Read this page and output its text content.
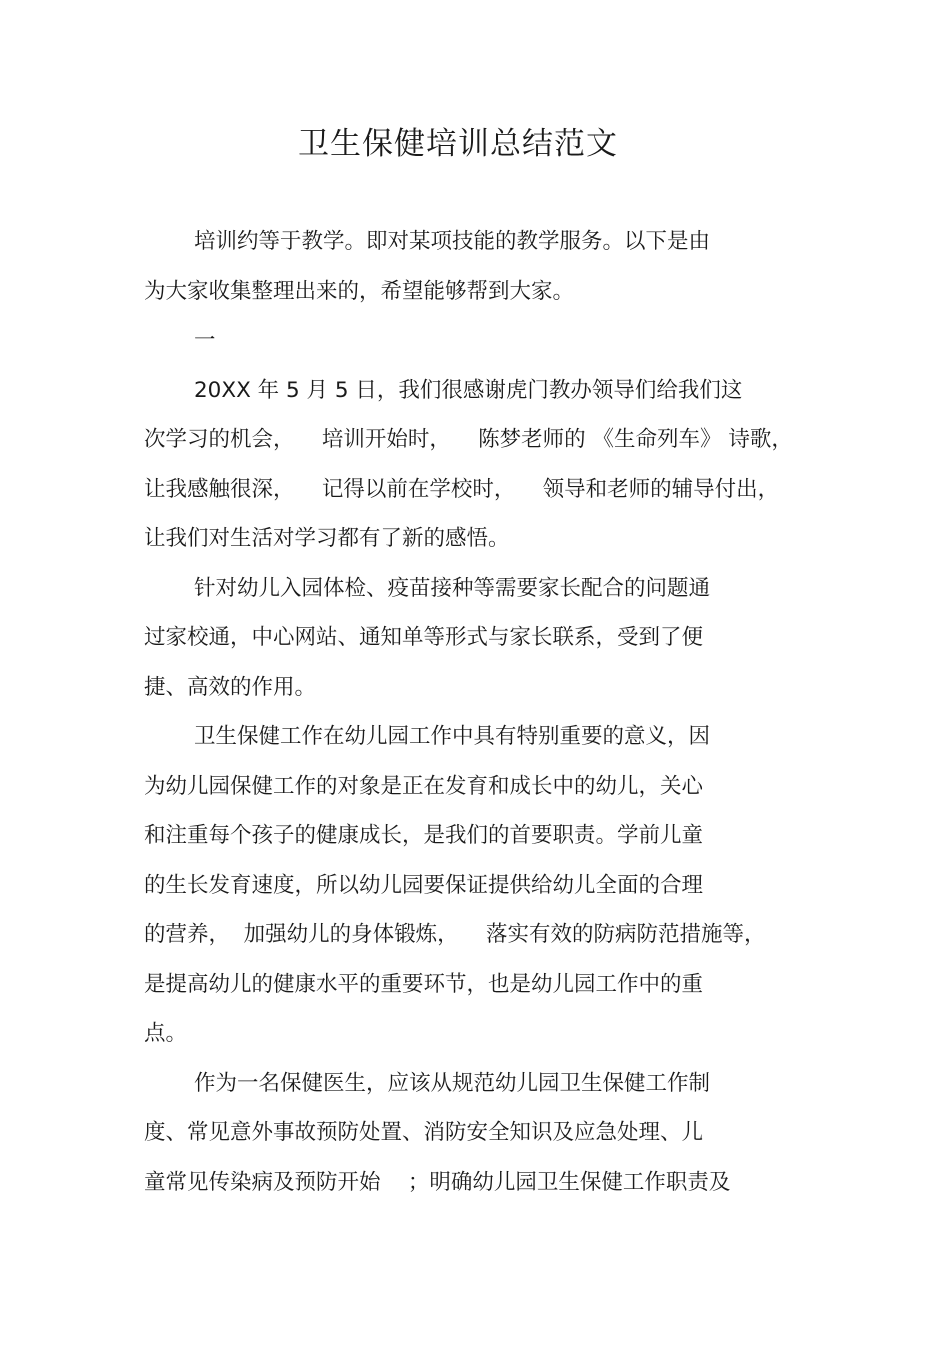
卫生保健培训总结范文

培训约等于教学。即对某项技能的教学服务。以下是由
为大家收集整理出来的，希望能够帮到大家。

一

20XX 年 5 月 5 日，我们很感谢虎门教办领导们给我们这
次学习的机会，    培训开始时，    陈梦老师的 《生命列车》 诗歌，
让我感触很深，    记得以前在学校时，    领导和老师的辅导付出，
让我们对生活对学习都有了新的感悟。

针对幼儿入园体检、疫苗接种等需要家长配合的问题通
过家校通，中心网站、通知单等形式与家长联系，受到了便
捷、高效的作用。

卫生保健工作在幼儿园工作中具有特别重要的意义，因
为幼儿园保健工作的对象是正在发育和成长中的幼儿，关心
和注重每个孩子的健康成长，是我们的首要职责。学前儿童
的生长发育速度，所以幼儿园要保证提供给幼儿全面的合理
的营养，  加强幼儿的身体锻炼，    落实有效的防病防范措施等，
是提高幼儿的健康水平的重要环节，也是幼儿园工作中的重
点。

作为一名保健医生，应该从规范幼儿园卫生保健工作制
度、常见意外事故预防处置、消防安全知识及应急处理、儿
童常见传染病及预防开始    ；明确幼儿园卫生保健工作职责及
